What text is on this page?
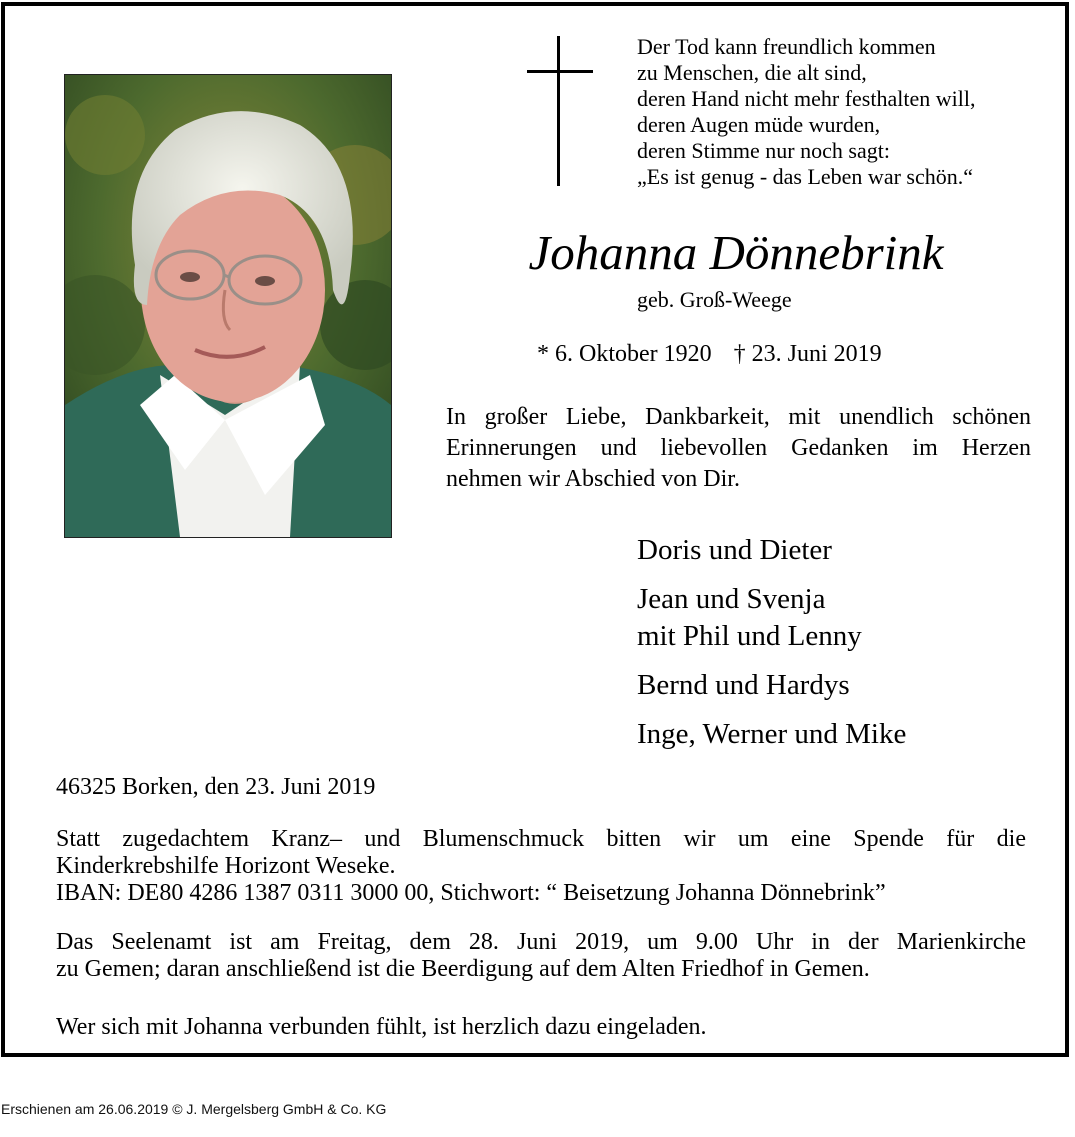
Der Tod kann freundlich kommen
zu Menschen, die alt sind,
deren Hand nicht mehr festhalten will,
deren Augen müde wurden,
deren Stimme nur noch sagt:
„Es ist genug - das Leben war schön.“
Johanna Dönnebrink
geb. Groß-Weege
* 6. Oktober 1920 † 23. Juni 2019
In großer Liebe, Dankbarkeit, mit unendlich schönen
Erinnerungen und liebevollen Gedanken im Herzen
nehmen wir Abschied von Dir.
Doris und Dieter
Jean und Svenja
mit Phil und Lenny
Bernd und Hardys
Inge, Werner und Mike
46325 Borken, den 23. Juni 2019
Statt zugedachtem Kranz– und Blumenschmuck bitten wir um eine Spende für die
Kinderkrebshilfe Horizont Weseke.
IBAN: DE80 4286 1387 0311 3000 00, Stichwort: “ Beisetzung Johanna Dönnebrink”
Das Seelenamt ist am Freitag, dem 28. Juni 2019, um 9.00 Uhr in der Marienkirche
zu Gemen; daran anschließend ist die Beerdigung auf dem Alten Friedhof in Gemen.
Wer sich mit Johanna verbunden fühlt, ist herzlich dazu eingeladen.
Erschienen am 26.06.2019 © J. Mergelsberg GmbH & Co. KG
